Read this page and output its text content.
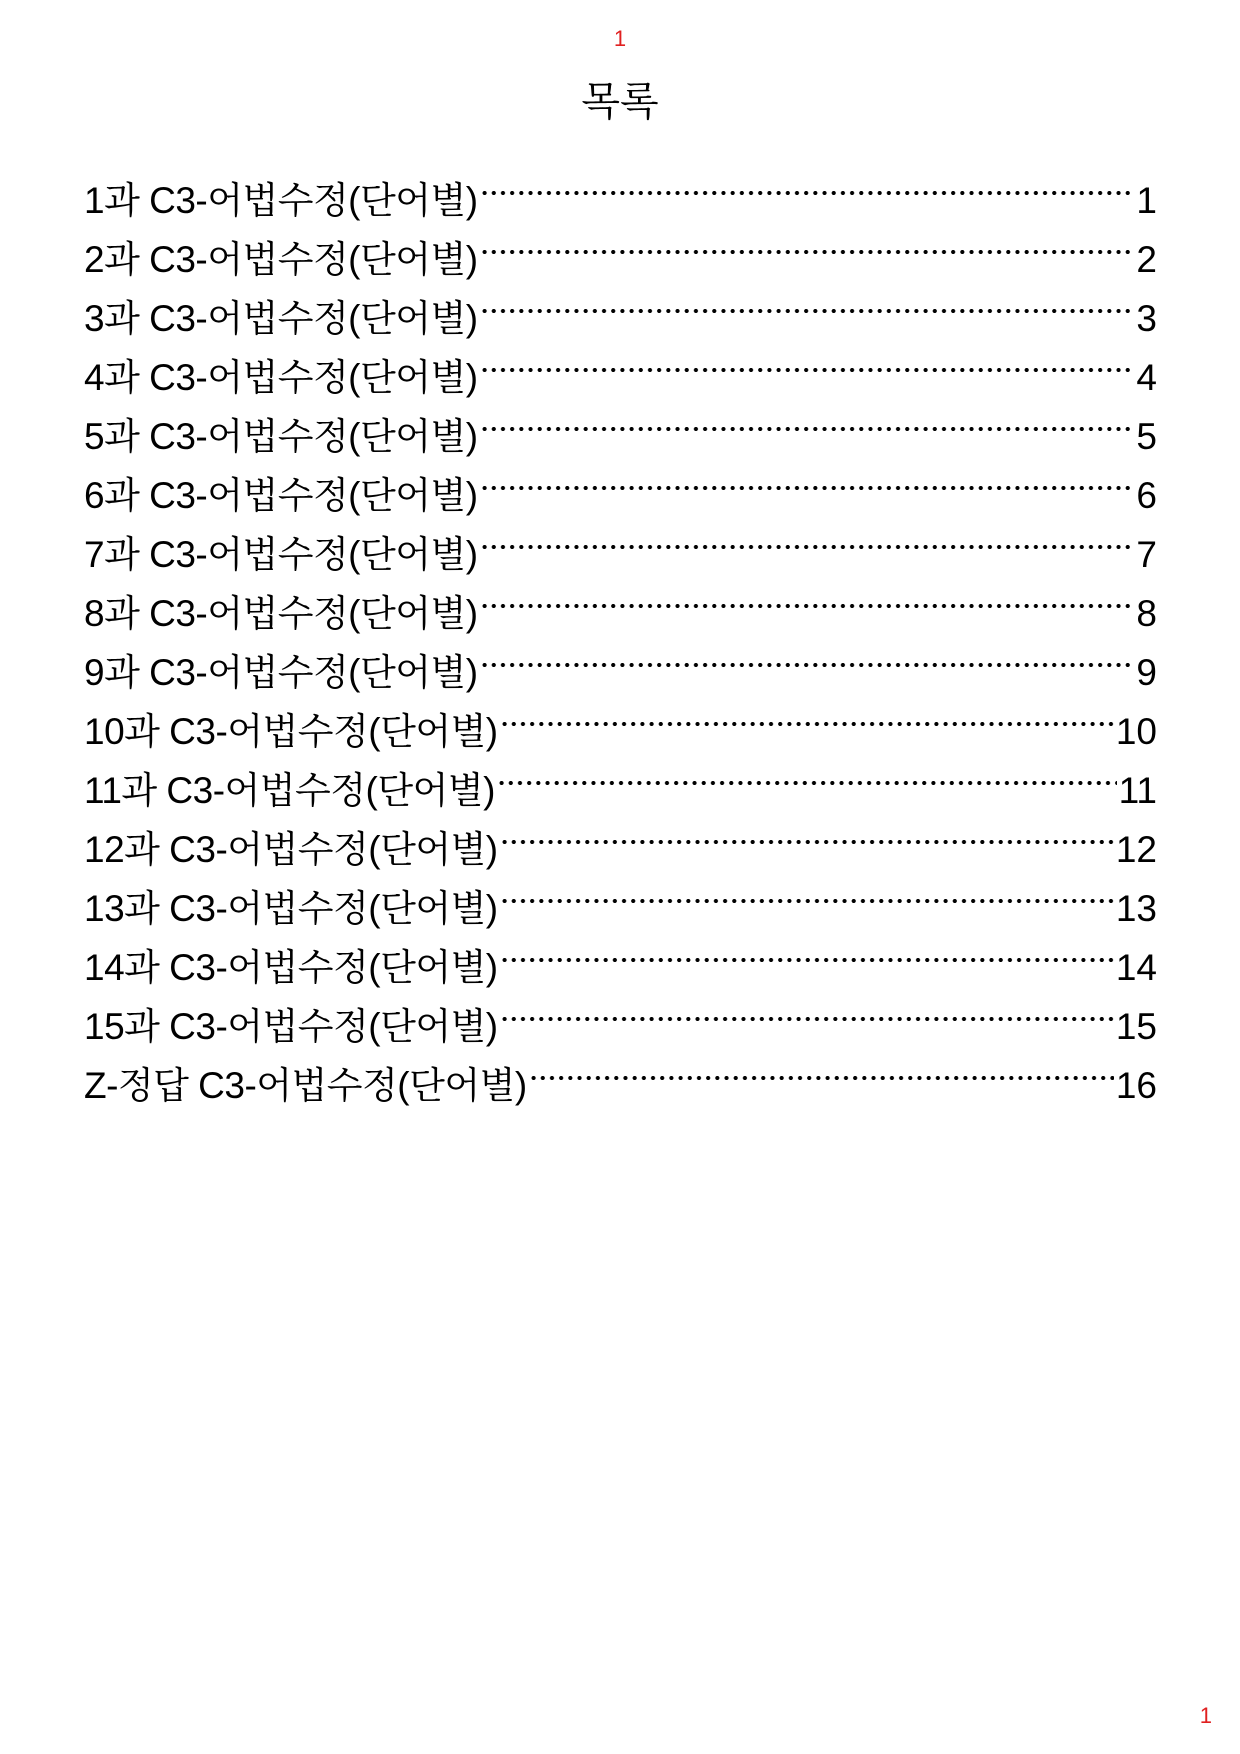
1
목록
1과 C3-어법수정(단어별)	1
2과 C3-어법수정(단어별)	2
3과 C3-어법수정(단어별)	3
4과 C3-어법수정(단어별)	4
5과 C3-어법수정(단어별)	5
6과 C3-어법수정(단어별)	6
7과 C3-어법수정(단어별)	7
8과 C3-어법수정(단어별)	8
9과 C3-어법수정(단어별)	9
10과 C3-어법수정(단어별)	10
11과 C3-어법수정(단어별)	11
12과 C3-어법수정(단어별)	12
13과 C3-어법수정(단어별)	13
14과 C3-어법수정(단어별)	14
15과 C3-어법수정(단어별)	15
Z-정답 C3-어법수정(단어별)	16
1
